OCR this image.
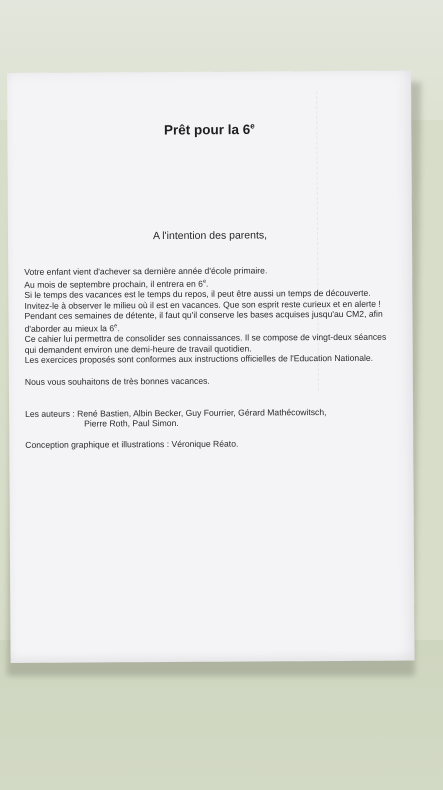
Prêt pour la 6e
A l'intention des parents,

Votre enfant vient d'achever sa dernière année d'école primaire.

Au mois de septembre prochain, il entrera en 6e.

Si le temps des vacances est le temps du repos, il peut être aussi un temps de découverte.

Invitez-le à observer le milieu où il est en vacances. Que son esprit reste curieux et en alerte !

Pendant ces semaines de détente, il faut qu'il conserve les bases acquises jusqu'au CM2, afin d'aborder au mieux la 6e.

Ce cahier lui permettra de consolider ses connaissances. Il se compose de vingt-deux séances qui demandent environ une demi-heure de travail quotidien.

Les exercices proposés sont conformes aux instructions officielles de l'Education Nationale.

Nous vous souhaitons de très bonnes vacances.

Les auteurs : René Bastien, Albin Becker, Guy Fourrier, Gérard Mathécowitsch,

Pierre Roth, Paul Simon.

Conception graphique et illustrations : Véronique Réato.
